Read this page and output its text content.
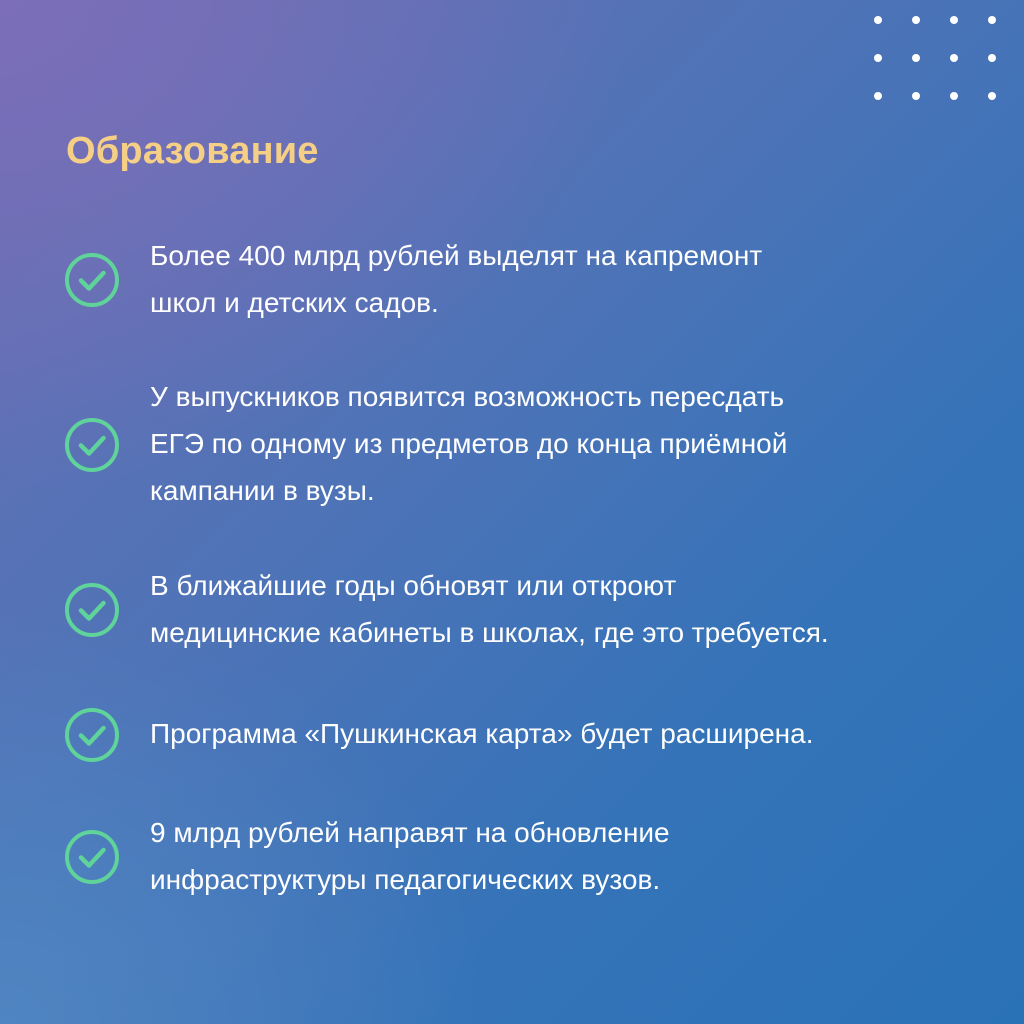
Образование

Более 400 млрд рублей выделят на капремонт
школ и детских садов.

У выпускников появится возможность пересдать
ЕГЭ по одному из предметов до конца приёмной
кампании в вузы.

В ближайшие годы обновят или откроют
медицинские кабинеты в школах, где это требуется.

Программа «Пушкинская карта» будет расширена.

9 млрд рублей направят на обновление
инфраструктуры педагогических вузов.
